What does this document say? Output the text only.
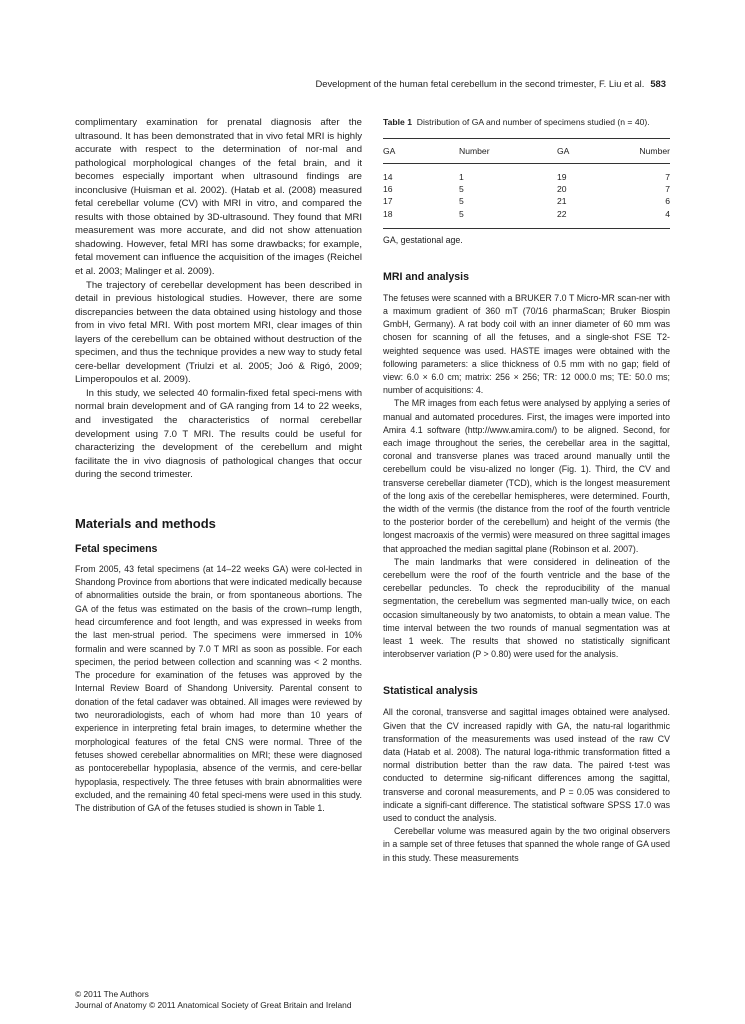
Development of the human fetal cerebellum in the second trimester, F. Liu et al. 583

complimentary examination for prenatal diagnosis after the ultrasound. It has been demonstrated that in vivo fetal MRI is highly accurate with respect to the determination of nor-mal and pathological morphological changes of the fetal brain, and it becomes especially important when ultrasound findings are inconclusive (Huisman et al. 2002). (Hatab et al. (2008) measured fetal cerebellar volume (CV) with MRI in vitro, and compared the results with those obtained by 3D-ultrasound. They found that MRI measurement was more accurate, and did not show attenuation shadowing. However, fetal MRI has some drawbacks; for example, fetal movement can influence the acquisition of the images (Reichel et al. 2003; Malinger et al. 2009).

The trajectory of cerebellar development has been described in detail in previous histological studies. However, there are some discrepancies between the data obtained using histology and those from in vivo fetal MRI. With post mortem MRI, clear images of thin layers of the cerebellum can be obtained without destruction of the specimen, and thus the technique provides a new way to study fetal cere-bellar development (Triulzi et al. 2005; Joó & Rigó, 2009; Limperopoulos et al. 2009).

In this study, we selected 40 formalin-fixed fetal speci-mens with normal brain development and of GA ranging from 14 to 22 weeks, and investigated the characteristics of normal cerebellar development using 7.0 T MRI. The results could be useful for characterizing the development of the cerebellum and might facilitate the in vivo diagnosis of pathological changes that occur during the second trimester.

Materials and methods
Fetal specimens

From 2005, 43 fetal specimens (at 14–22 weeks GA) were col-lected in Shandong Province from abortions that were indicated medically because of abnormalities outside the brain, or from spontaneous abortions. The GA of the fetus was estimated on the basis of the crown–rump length, head circumference and foot length, and was expressed in weeks from the last men-strual period. The specimens were immersed in 10% formalin and were scanned by 7.0 T MRI as soon as possible. For each specimen, the period between collection and scanning was < 2 months. The procedure for examination of the fetuses was approved by the Internal Review Board of Shandong University. Parental consent to donation of the fetal cadaver was obtained. All images were reviewed by two neuroradiologists, each of whom had more than 10 years of experience in interpreting fetal brain images, to determine whether the morphological features of the fetal CNS were normal. Three of the fetuses showed cerebellar abnormalities on MRI; these were diagnosed as pontocerebellar hypoplasia, absence of the vermis, and cere-bellar hypoplasia, respectively. The three fetuses with brain abnormalities were excluded, and the remaining 40 fetal speci-mens were used in this study. The distribution of GA of the fetuses studied is shown in Table 1.

Table 1 Distribution of GA and number of specimens studied (n = 40).

GA	Number	GA	Number
14	1	19	7
16	5	20	7
17	5	21	6
18	5	22	4

GA, gestational age.

MRI and analysis

The fetuses were scanned with a BRUKER 7.0 T Micro-MR scan-ner with a maximum gradient of 360 mT (70/16 pharmaScan; Bruker Biospin GmbH, Germany). A rat body coil with an inner diameter of 60 mm was chosen for scanning of all the fetuses, and a single-shot FSE T2-weighted sequence was used. HASTE images were obtained with the following parameters: a slice thickness of 0.5 mm with no gap; field of view: 6.0 × 6.0 cm; matrix: 256 × 256; TR: 12 000.0 ms; TE: 50.0 ms; number of acquisitions: 4.

The MR images from each fetus were analysed by applying a series of manual and automated procedures. First, the images were imported into Amira 4.1 software (http://www.amira.com/) to be aligned. Second, for each image throughout the series, the cerebellar area in the sagittal, coronal and transverse planes was traced around manually until the cerebellum could be visu-alized no longer (Fig. 1). Third, the CV and transverse cerebellar diameter (TCD), which is the longest measurement of the long axis of the cerebellar hemispheres, were determined. Fourth, the width of the vermis (the distance from the roof of the fourth ventricle to the posterior border of the cerebellum) and height of the vermis (the longest macroaxis of the vermis) were measured on three sagittal images that approached the median sagittal plane (Robinson et al. 2007).

The main landmarks that were considered in delineation of the cerebellum were the roof of the fourth ventricle and the base of the cerebellar peduncles. To check the reproducibility of the manual segmentation, the cerebellum was segmented man-ually twice, on each occasion simultaneously by two anatomists, to obtain a mean value. The time interval between the two rounds of manual segmentation was at least 1 week. The results that showed no statistically significant interobserver variation (P > 0.80) were used for the analysis.

Statistical analysis

All the coronal, transverse and sagittal images obtained were analysed. Given that the CV increased rapidly with GA, the natu-ral logarithmic transformation of the measurements was used instead of the raw CV data (Hatab et al. 2008). The natural loga-rithmic transformation fitted a normal distribution better than the raw data. The paired t-test was conducted to determine sig-nificant differences among the sagittal, transverse and coronal measurements, and P = 0.05 was considered to indicate a signifi-cant difference. The statistical software SPSS 17.0 was used to conduct the analysis.

Cerebellar volume was measured again by the two original observers in a sample set of three fetuses that spanned the whole range of GA used in this study. These measurements

© 2011 The Authors
Journal of Anatomy © 2011 Anatomical Society of Great Britain and Ireland
